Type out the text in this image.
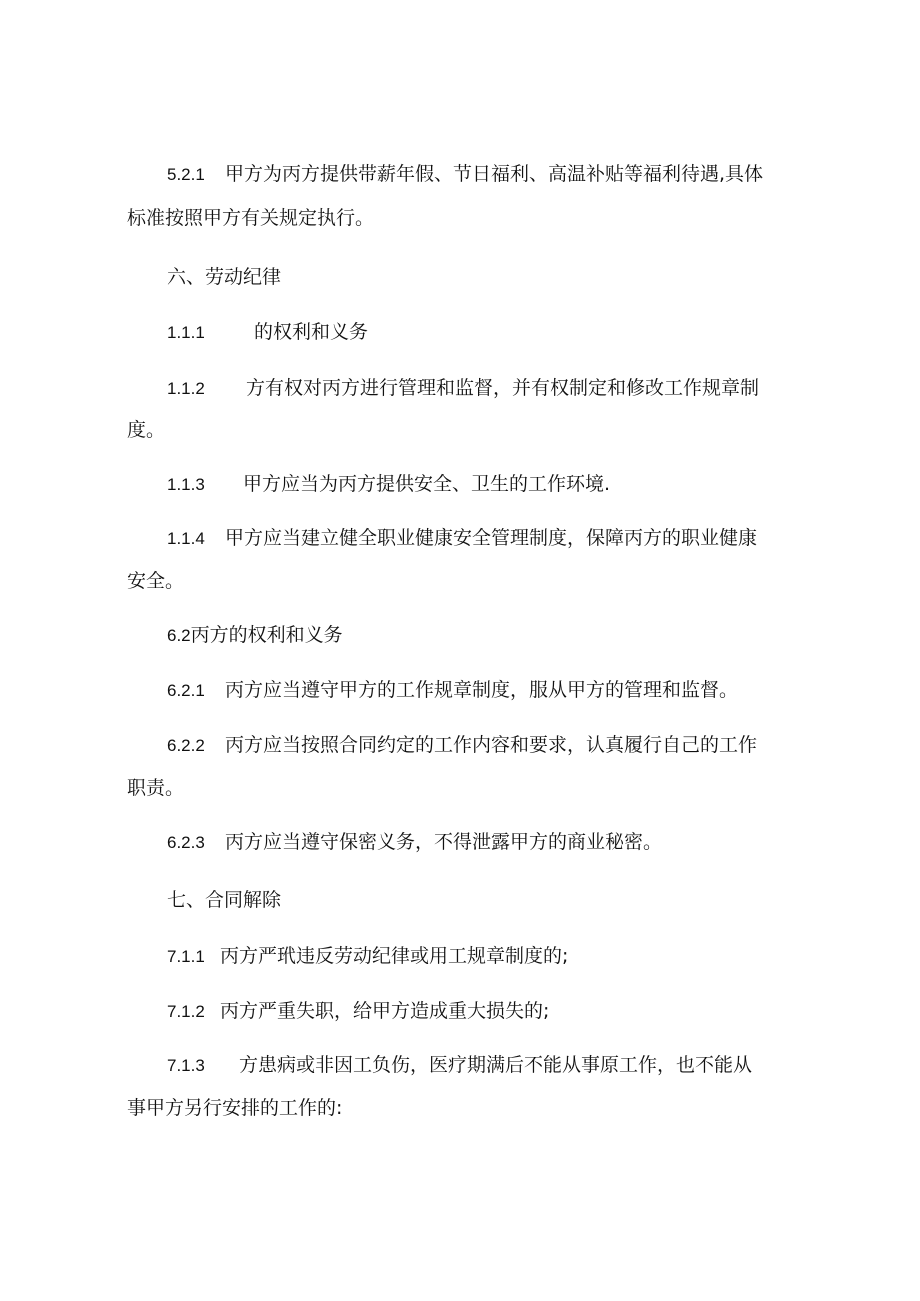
5.2.1 甲方为丙方提供带薪年假、节日福利、高温补贴等福利待遇,具体
标准按照甲方有关规定执行。
六、劳动纪律
1.1.1	的权利和义务
1.1.2 方有权对丙方进行管理和监督，并有权制定和修改工作规章制
度。
1.1.3 甲方应当为丙方提供安全、卫生的工作环境.
1.1.4 甲方应当建立健全职业健康安全管理制度，保障丙方的职业健康
安全。
6.2丙方的权利和义务
6.2.1 丙方应当遵守甲方的工作规章制度，服从甲方的管理和监督。
6.2.2 丙方应当按照合同约定的工作内容和要求，认真履行自己的工作
职责。
6.2.3 丙方应当遵守保密义务，不得泄露甲方的商业秘密。
七、合同解除
7.1.1 丙方严玳违反劳动纪律或用工规章制度的;
7.1.2 丙方严重失职，给甲方造成重大损失的;
7.1.3 方患病或非因工负伤，医疗期满后不能从事原工作，也不能从
事甲方另行安排的工作的:
